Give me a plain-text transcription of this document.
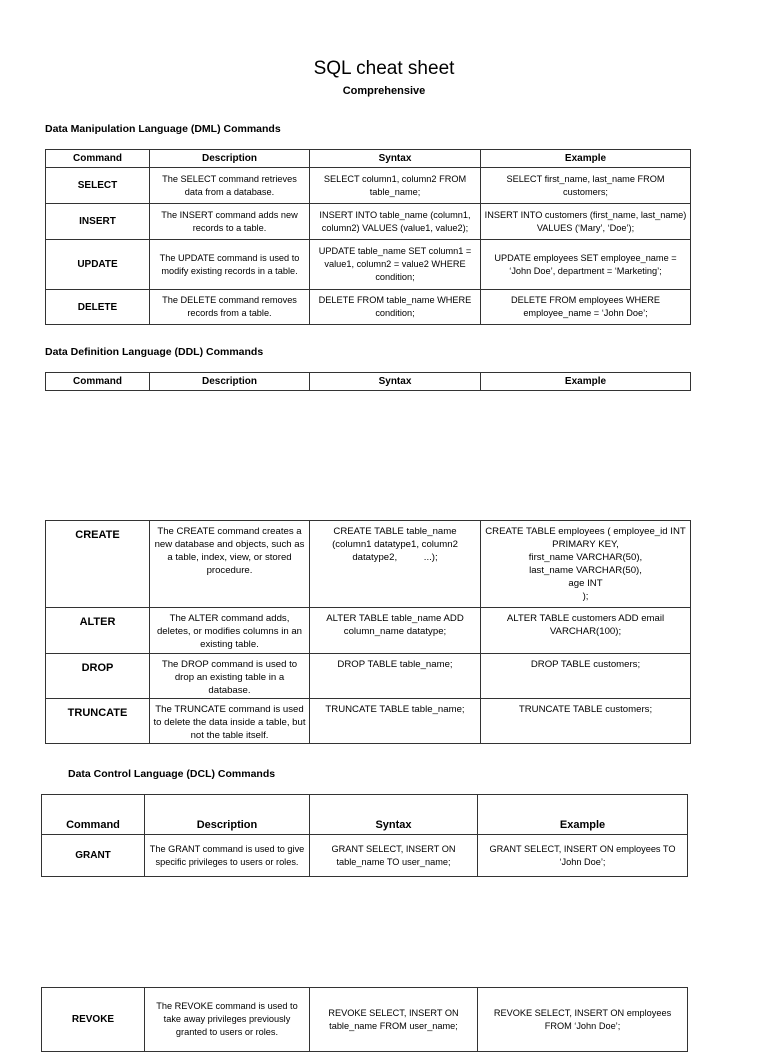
SQL cheat sheet
Comprehensive
Data Manipulation Language (DML) Commands
Command	Description	Syntax	Example
SELECT	The SELECT command retrieves data from a database.	SELECT column1, column2 FROM table_name;	SELECT first_name, last_name FROM customers;
INSERT	The INSERT command adds new records to a table.	INSERT INTO table_name (column1, column2) VALUES (value1, value2);	INSERT INTO customers (first_name, last_name) VALUES (‘Mary’, ‘Doe’);
UPDATE	The UPDATE command is used to modify existing records in a table.	UPDATE table_name SET column1 = value1, column2 = value2 WHERE condition;	UPDATE employees SET employee_name = ‘John Doe’, department = ‘Marketing’;
DELETE	The DELETE command removes records from a table.	DELETE FROM table_name WHERE condition;	DELETE FROM employees WHERE employee_name = ‘John Doe’;
Data Definition Language (DDL) Commands
Command	Description	Syntax	Example
CREATE	The CREATE command creates a new database and objects, such as a table, index, view, or stored procedure.	CREATE TABLE table_name (column1 datatype1, column2 datatype2,          ...);	CREATE TABLE employees ( employee_id INT PRIMARY KEY,
first_name VARCHAR(50),
last_name VARCHAR(50),
age INT
);
ALTER	The ALTER command adds, deletes, or modifies columns in an existing table.	ALTER TABLE table_name ADD column_name datatype;	ALTER TABLE customers ADD email VARCHAR(100);
DROP	The DROP command is used to drop an existing table in a database.	DROP TABLE table_name;	DROP TABLE customers;
TRUNCATE	The TRUNCATE command is used to delete the data inside a table, but not the table itself.	TRUNCATE TABLE table_name;	TRUNCATE TABLE customers;
Data Control Language (DCL) Commands
Command	Description	Syntax	Example
GRANT	The GRANT command is used to give specific privileges to users or roles.	GRANT SELECT, INSERT ON table_name TO user_name;	GRANT SELECT, INSERT ON employees TO ‘John Doe’;
REVOKE	The REVOKE command is used to take away privileges previously granted to users or roles.	REVOKE SELECT, INSERT ON table_name FROM user_name;	REVOKE SELECT, INSERT ON employees FROM ‘John Doe’;
